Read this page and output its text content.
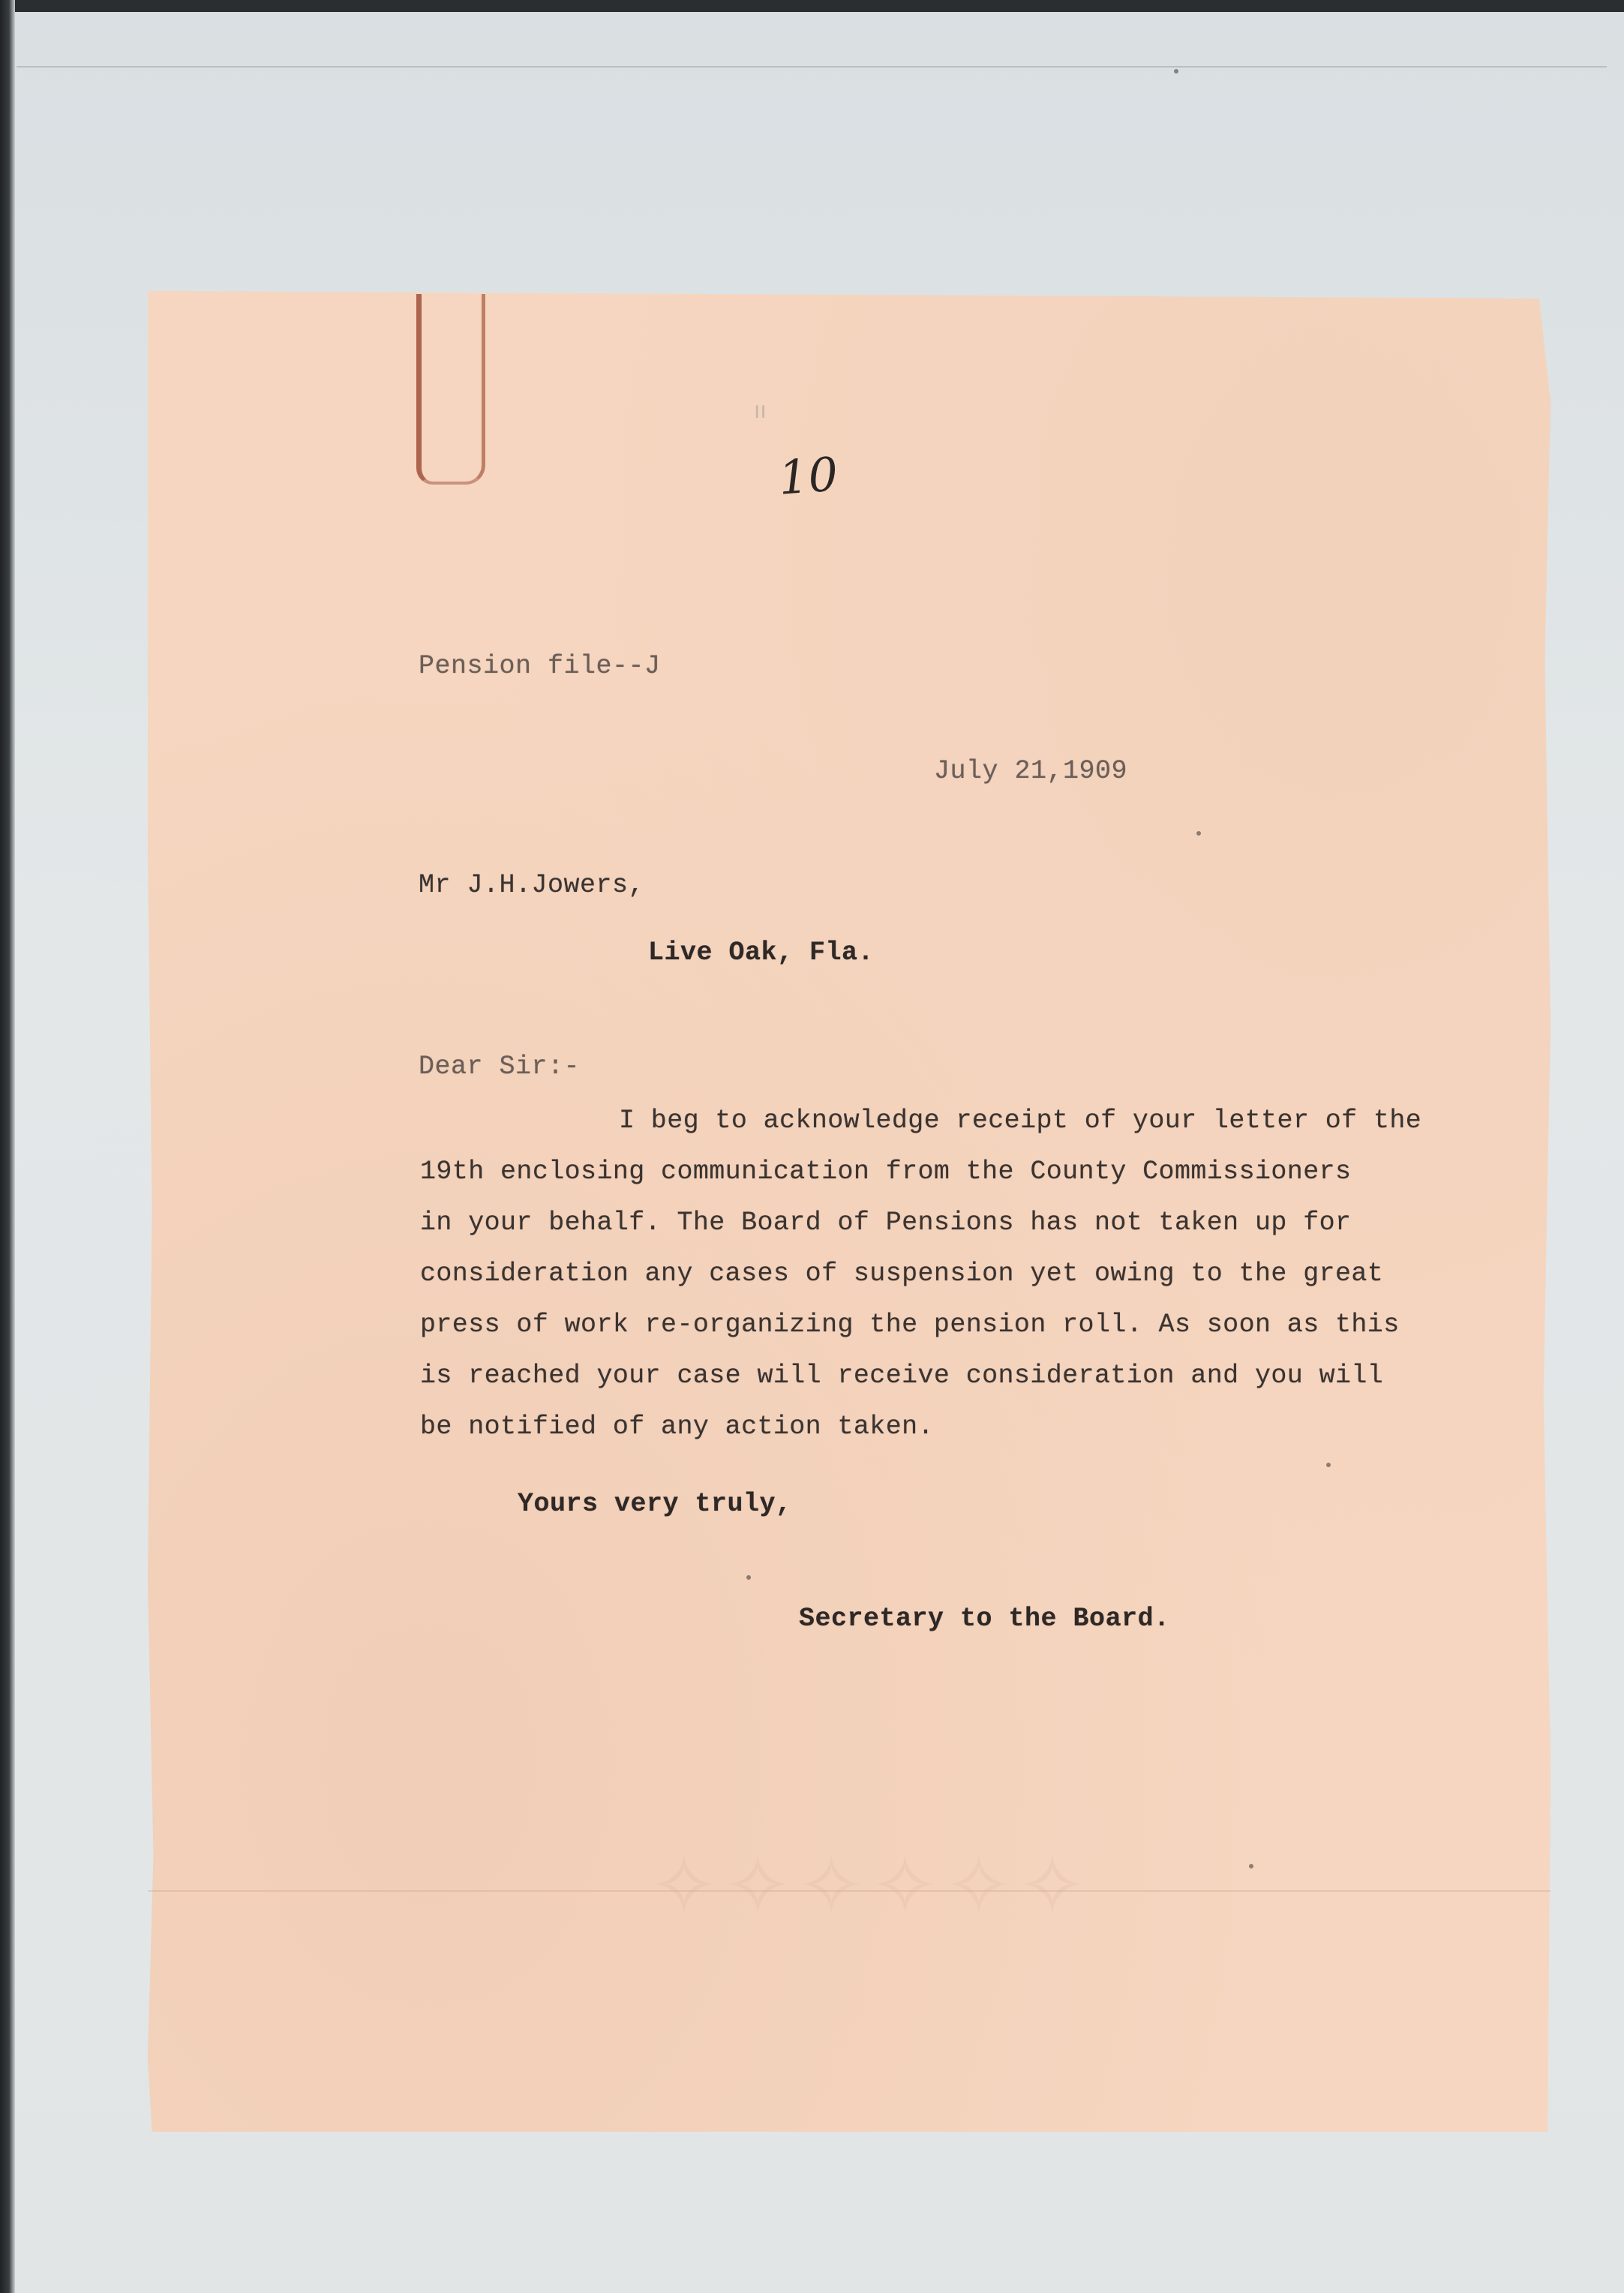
ıı
10
Pension file--J
July 21,1909
Mr J.H.Jowers,
Live Oak, Fla.
Dear Sir:-
I beg to acknowledge receipt of your letter of the
19th enclosing communication from the County Commissioners
in your behalf. The Board of Pensions has not taken up for
consideration any cases of suspension yet owing to the great
press of work re-organizing the pension roll. As soon as this
is reached your case will receive consideration and you will
be notified of any action taken.
Yours very truly,
Secretary to the Board.
✧✧✧✧✧✧
